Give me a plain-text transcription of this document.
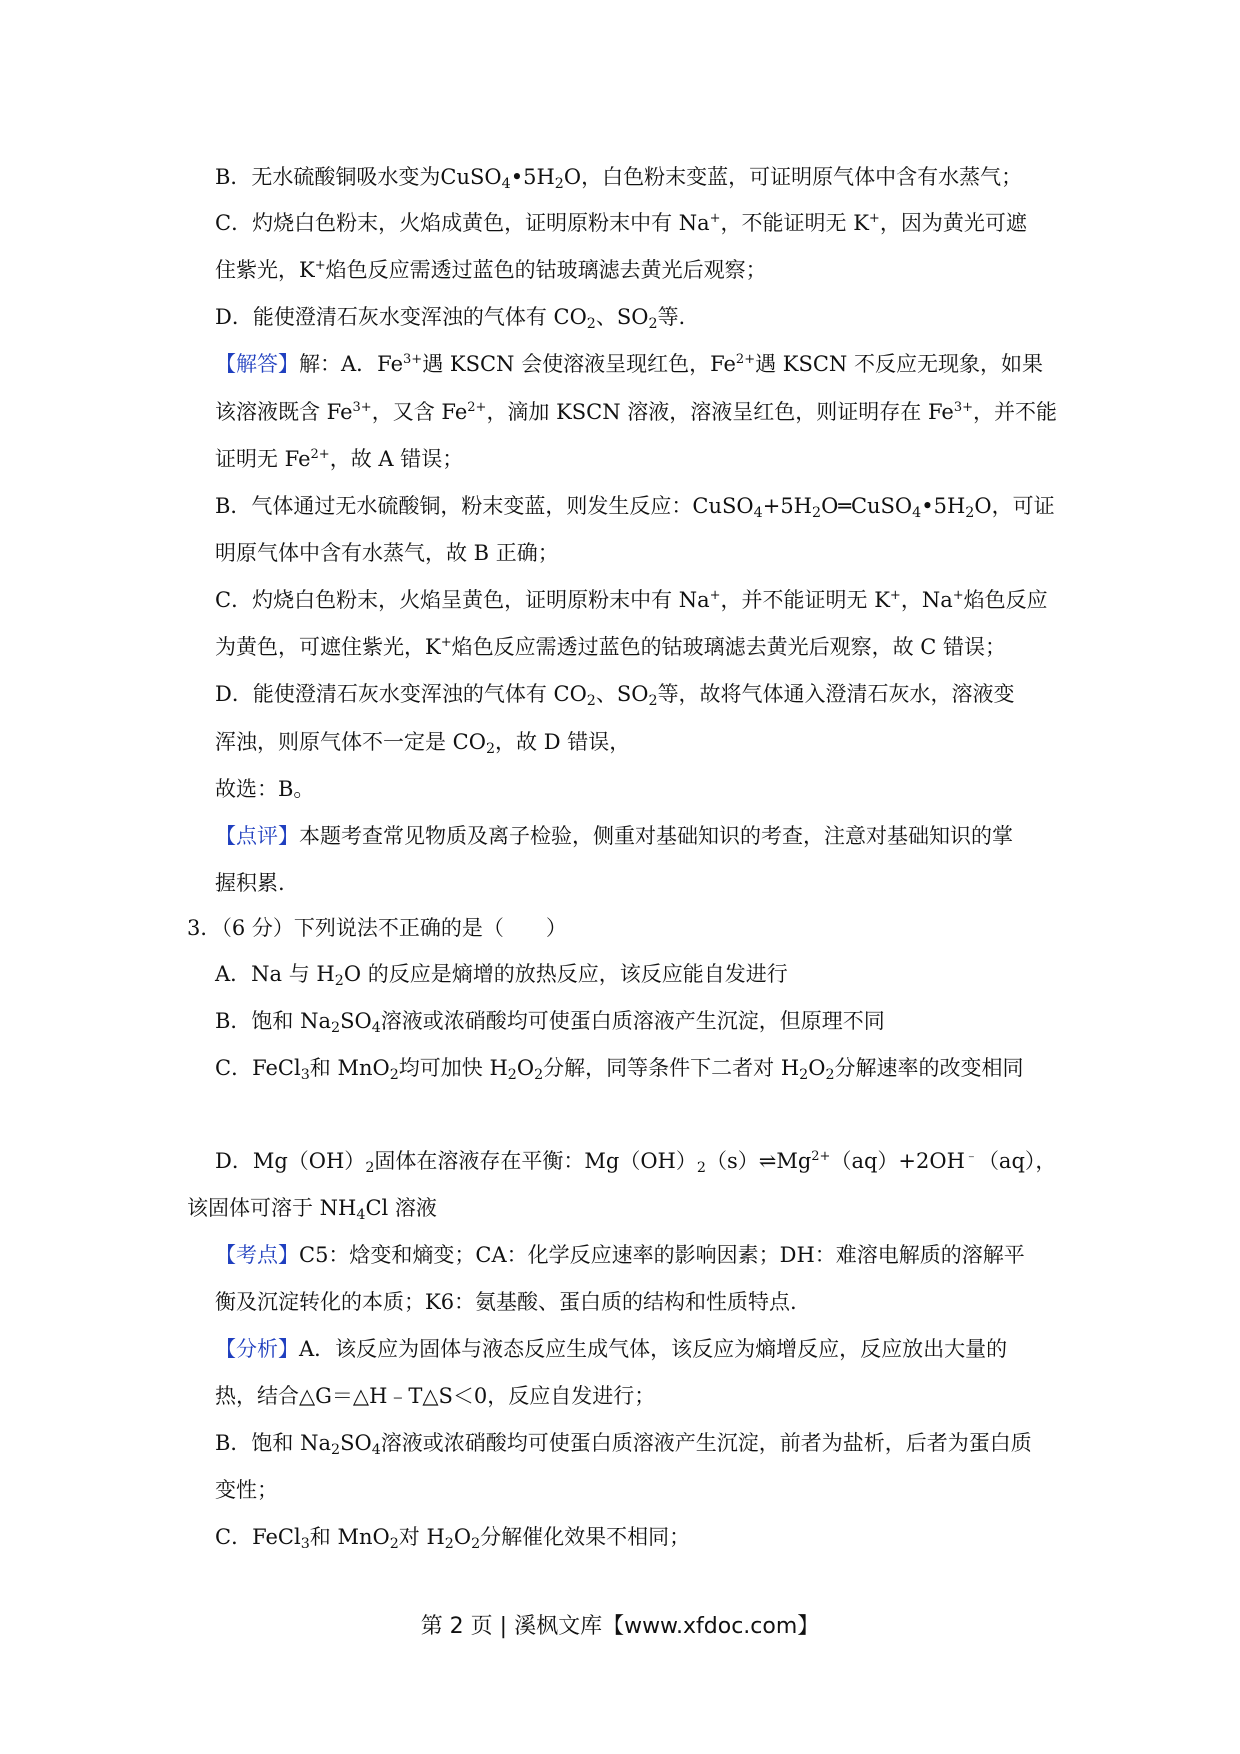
B．无水硫酸铜吸水变为$CuSO_4•5H_2O$，白色粉末变蓝，可证明原气体中含有水蒸气；
C．灼烧白色粉末，火焰成黄色，证明原粉末中有 Na+，不能证明无 K+，因为黄光可遮
住紫光，K+焰色反应需透过蓝色的钴玻璃滤去黄光后观察；
D．能使澄清石灰水变浑浊的气体有 $CO_2$、$SO_2$等.
【解答】解：A．$Fe^{3+}$遇 KSCN 会使溶液呈现红色，$Fe^{2+}$遇 KSCN 不反应无现象，如果
该溶液既含 $Fe^{3+}$，又含 $Fe^{2+}$，滴加 KSCN 溶液，溶液呈红色，则证明存在 $Fe^{3+}$，并不能
证明无 $Fe^{2+}$，故 A 错误；
B．气体通过无水硫酸铜，粉末变蓝，则发生反应：$CuSO_4+5H_2O═CuSO_4•5H_2O$，可证
明原气体中含有水蒸气，故 B 正确；
C．灼烧白色粉末，火焰呈黄色，证明原粉末中有 Na+，并不能证明无 K+，Na+焰色反应
为黄色，可遮住紫光，K+焰色反应需透过蓝色的钴玻璃滤去黄光后观察，故 C 错误；
D．能使澄清石灰水变浑浊的气体有 $CO_2$、$SO_2$等，故将气体通入澄清石灰水，溶液变
浑浊，则原气体不一定是 $CO_2$，故 D 错误，
故选：B。
【点评】本题考查常见物质及离子检验，侧重对基础知识的考查，注意对基础知识的掌
握积累.
3．（6 分）下列说法不正确的是（　　）
A．Na 与 $H_2O$ 的反应是熵增的放热反应，该反应能自发进行
B．饱和 $Na_2SO_4$溶液或浓硝酸均可使蛋白质溶液产生沉淀，但原理不同
C．FeCl$_3$和 MnO$_2$均可加快 $H_2O_2$分解，同等条件下二者对 $H_2O_2$分解速率的改变相同
D．$Mg(OH)_2$固体在溶液存在平衡：$Mg(OH)_2(s)\rightleftharpoons Mg^{2+}(aq)+2OH^﹣(aq)$，
该固体可溶于 $NH_4Cl$ 溶液
【考点】C5：焓变和熵变；CA：化学反应速率的影响因素；DH：难溶电解质的溶解平
衡及沉淀转化的本质；K6：氨基酸、蛋白质的结构和性质特点.
【分析】A．该反应为固体与液态反应生成气体，该反应为熵增反应，反应放出大量的
热，结合△G＝△H﹣T△S＜0，反应自发进行；
B．饱和 $Na_2SO_4$溶液或浓硝酸均可使蛋白质溶液产生沉淀，前者为盐析，后者为蛋白质
变性；
C．FeCl$_3$和 MnO$_2$对 $H_2O_2$分解催化效果不相同；
第 2 页 | 溪枫文库【www.xfdoc.com】
